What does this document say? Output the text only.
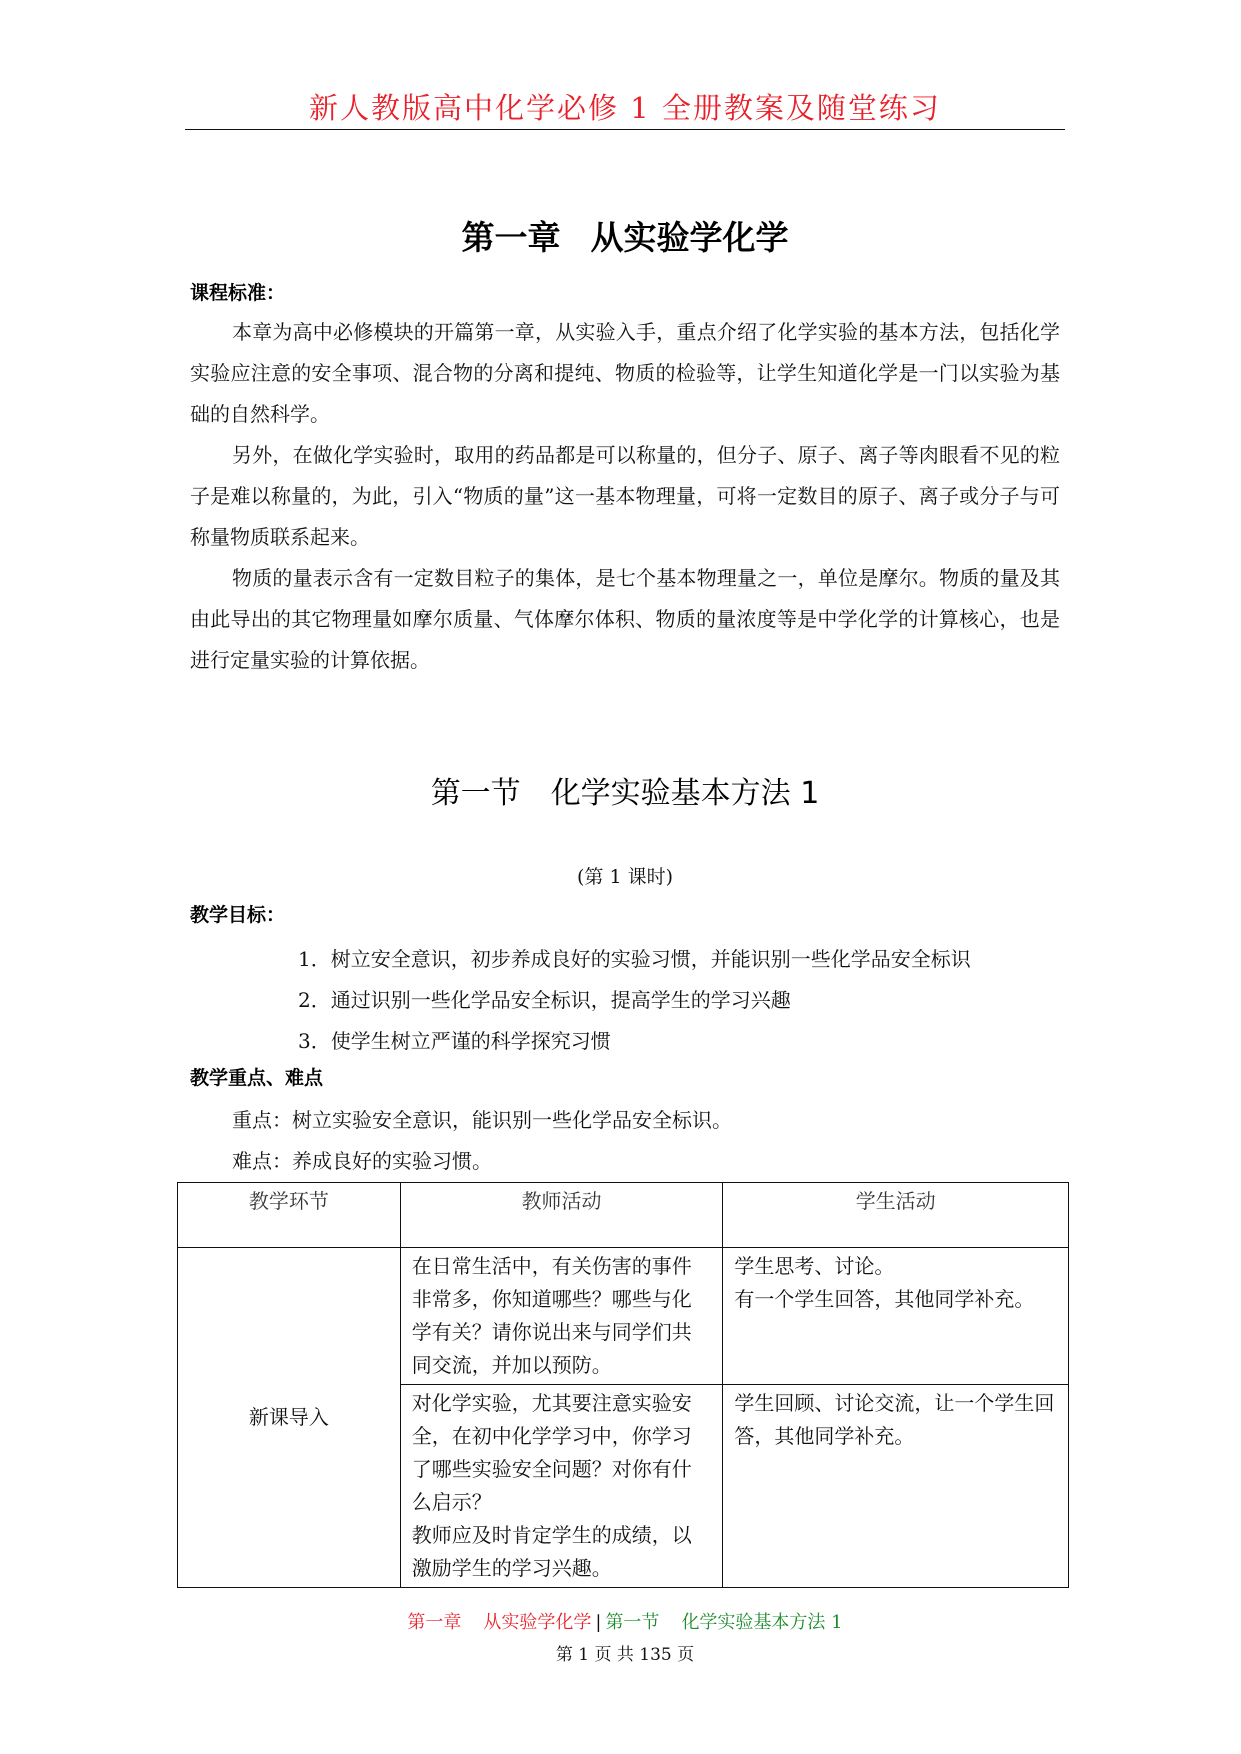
新人教版高中化学必修 1 全册教案及随堂练习
第一章 从实验学化学
课程标准：

本章为高中必修模块的开篇第一章，从实验入手，重点介绍了化学实验的基本方法，包括化学实验应注意的安全事项、混合物的分离和提纯、物质的检验等，让学生知道化学是一门以实验为基础的自然科学。

另外，在做化学实验时，取用的药品都是可以称量的，但分子、原子、离子等肉眼看不见的粒子是难以称量的，为此，引入“物质的量”这一基本物理量，可将一定数目的原子、离子或分子与可称量物质联系起来。

物质的量表示含有一定数目粒子的集体，是七个基本物理量之一，单位是摩尔。物质的量及其由此导出的其它物理量如摩尔质量、气体摩尔体积、物质的量浓度等是中学化学的计算核心，也是进行定量实验的计算依据。

第一节 化学实验基本方法 1
(第 1 课时)
教学目标：
1．树立安全意识，初步养成良好的实验习惯，并能识别一些化学品安全标识
2．通过识别一些化学品安全标识，提高学生的学习兴趣
3．使学生树立严谨的科学探究习惯
教学重点、难点
重点：树立实验安全意识，能识别一些化学品安全标识。
难点：养成良好的实验习惯。
教学环节	教师活动	学生活动
新课导入	在日常生活中，有关伤害的事件非常多，你知道哪些？哪些与化学有关？请你说出来与同学们共同交流，并加以预防。	学生思考、讨论。
有一个学生回答，其他同学补充。
	对化学实验，尤其要注意实验安全，在初中化学学习中，你学习了哪些实验安全问题？对你有什么启示？
教师应及时肯定学生的成绩，以激励学生的学习兴趣。	学生回顾、讨论交流，让一个学生回答，其他同学补充。
第一章 从实验学化学 | 第一节 化学实验基本方法 1
第 1 页 共 135 页
